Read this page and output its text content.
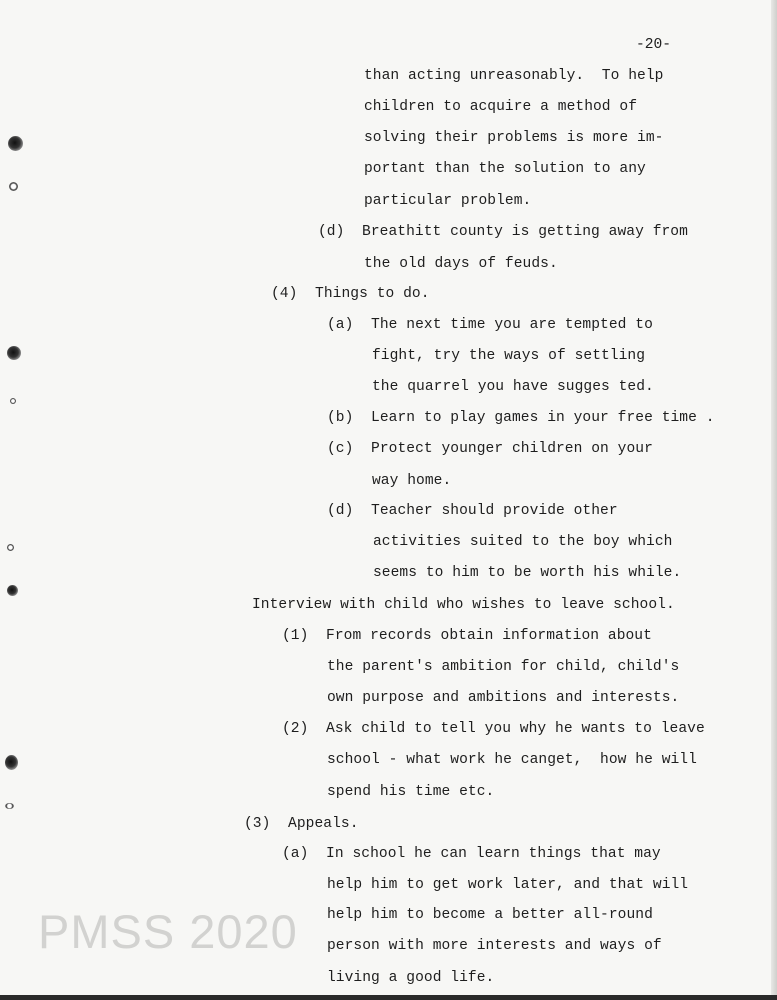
-20-
than acting unreasonably.  To help
children to acquire a method of
solving their problems is more im-
portant than the solution to any
particular problem.
(d)  Breathitt county is getting away from
the old days of feuds.
(4)  Things to do.
(a)  The next time you are tempted to
fight, try the ways of settling
the quarrel you have sugges ted.
(b)  Learn to play games in your free time .
(c)  Protect younger children on your
way home.
(d)  Teacher should provide other
activities suited to the boy which
seems to him to be worth his while.
Interview with child who wishes to leave school.
(1)  From records obtain information about
the parent's ambition for child, child's
own purpose and ambitions and interests.
(2)  Ask child to tell you why he wants to leave
school - what work he canget,  how he will
spend his time etc.
(3)  Appeals.
(a)  In school he can learn things that may
help him to get work later, and that will
help him to become a better all-round
person with more interests and ways of
living a good life.
PMSS 2020
